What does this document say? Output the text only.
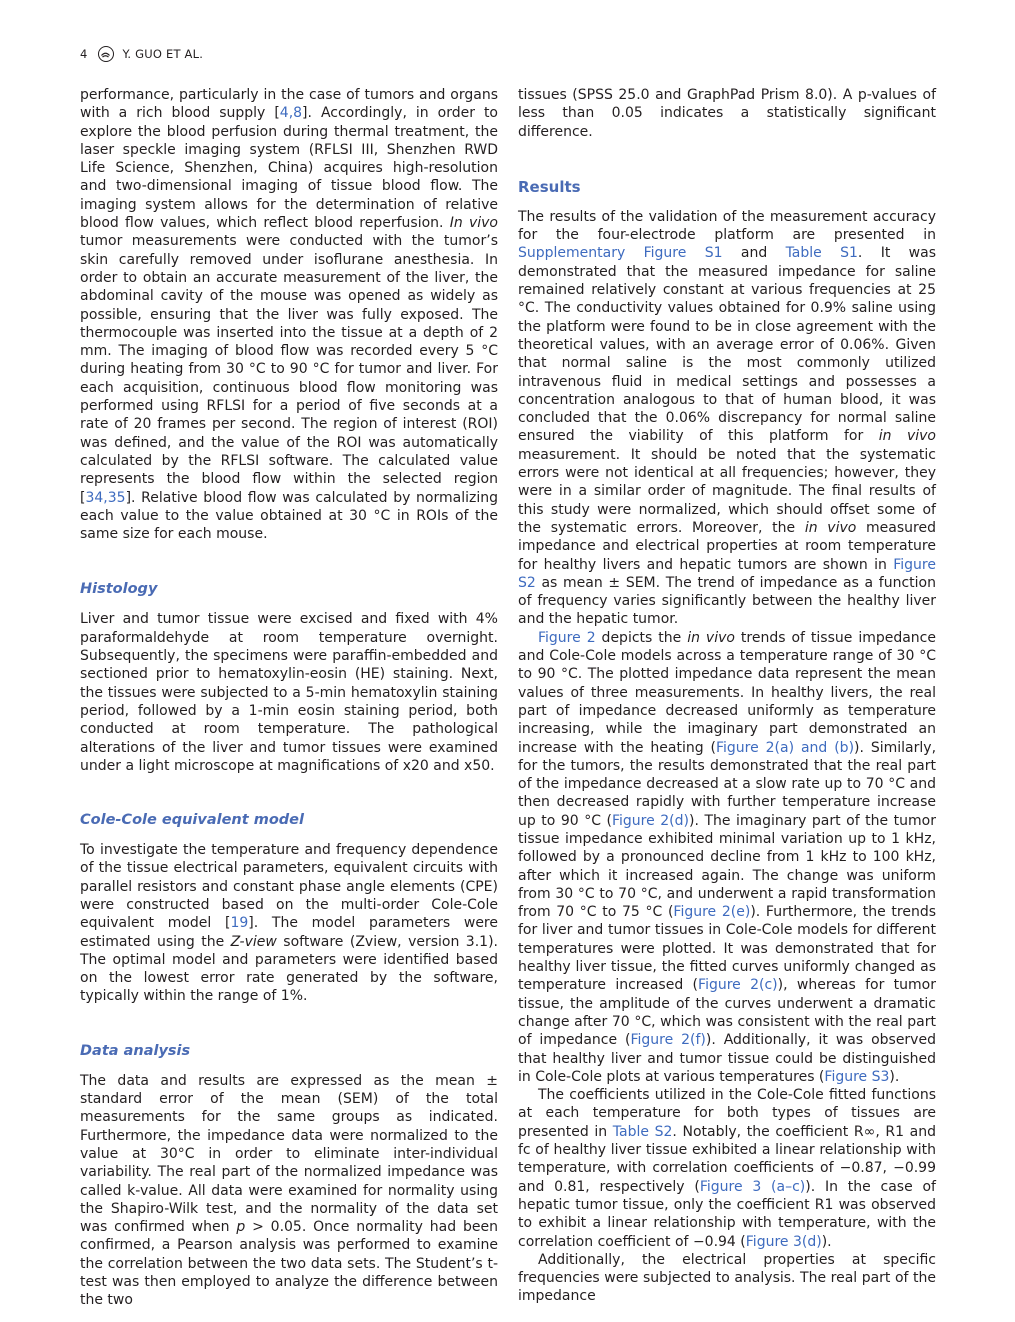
4	Y. GUO ET AL.

performance, particularly in the case of tumors and organs with a rich blood supply [4,8]. Accordingly, in order to explore the blood perfusion during thermal treatment, the laser speckle imaging system (RFLSI III, Shenzhen RWD Life Science, Shenzhen, China) acquires high-resolution and two-dimensional imaging of tissue blood flow. The imaging system allows for the determination of relative blood flow values, which reflect blood reperfusion. In vivo tumor measurements were conducted with the tumor’s skin carefully removed under isoflurane anesthesia. In order to obtain an accurate measurement of the liver, the abdominal cavity of the mouse was opened as widely as possible, ensuring that the liver was fully exposed. The thermocouple was inserted into the tissue at a depth of 2 mm. The imaging of blood flow was recorded every 5 °C during heating from 30 °C to 90 °C for tumor and liver. For each acquisition, continuous blood flow monitoring was performed using RFLSI for a period of five seconds at a rate of 20 frames per second. The region of interest (ROI) was defined, and the value of the ROI was automatically calculated by the RFLSI software. The calculated value represents the blood flow within the selected region [34,35]. Relative blood flow was calculated by normalizing each value to the value obtained at 30 °C in ROIs of the same size for each mouse.

Histology

Liver and tumor tissue were excised and fixed with 4% paraformaldehyde at room temperature overnight. Subsequently, the specimens were paraffin-embedded and sectioned prior to hematoxylin-eosin (HE) staining. Next, the tissues were subjected to a 5-min hematoxylin staining period, followed by a 1-min eosin staining period, both conducted at room temperature. The pathological alterations of the liver and tumor tissues were examined under a light microscope at magnifications of x20 and x50.

Cole-Cole equivalent model

To investigate the temperature and frequency dependence of the tissue electrical parameters, equivalent circuits with parallel resistors and constant phase angle elements (CPE) were constructed based on the multi-order Cole-Cole equivalent model [19]. The model parameters were estimated using the Z-view software (Zview, version 3.1). The optimal model and parameters were identified based on the lowest error rate generated by the software, typically within the range of 1%.

Data analysis

The data and results are expressed as the mean ± standard error of the mean (SEM) of the total measurements for the same groups as indicated. Furthermore, the impedance data were normalized to the value at 30°C in order to eliminate inter-individual variability. The real part of the normalized impedance was called k-value. All data were examined for normality using the Shapiro-Wilk test, and the normality of the data set was confirmed when p > 0.05. Once normality had been confirmed, a Pearson analysis was performed to examine the correlation between the two data sets. The Student’s t-test was then employed to analyze the difference between the two

tissues (SPSS 25.0 and GraphPad Prism 8.0). A p-values of less than 0.05 indicates a statistically significant difference.

Results

The results of the validation of the measurement accuracy for the four-electrode platform are presented in Supplementary Figure S1 and Table S1. It was demonstrated that the measured impedance for saline remained relatively constant at various frequencies at 25 °C. The conductivity values obtained for 0.9% saline using the platform were found to be in close agreement with the theoretical values, with an average error of 0.06%. Given that normal saline is the most commonly utilized intravenous fluid in medical settings and possesses a concentration analogous to that of human blood, it was concluded that the 0.06% discrepancy for normal saline ensured the viability of this platform for in vivo measurement. It should be noted that the systematic errors were not identical at all frequencies; however, they were in a similar order of magnitude. The final results of this study were normalized, which should offset some of the systematic errors. Moreover, the in vivo measured impedance and electrical properties at room temperature for healthy livers and hepatic tumors are shown in Figure S2 as mean ± SEM. The trend of impedance as a function of frequency varies significantly between the healthy liver and the hepatic tumor.

Figure 2 depicts the in vivo trends of tissue impedance and Cole-Cole models across a temperature range of 30 °C to 90 °C. The plotted impedance data represent the mean values of three measurements. In healthy livers, the real part of impedance decreased uniformly as temperature increasing, while the imaginary part demonstrated an increase with the heating (Figure 2(a) and (b)). Similarly, for the tumors, the results demonstrated that the real part of the impedance decreased at a slow rate up to 70 °C and then decreased rapidly with further temperature increase up to 90 °C (Figure 2(d)). The imaginary part of the tumor tissue impedance exhibited minimal variation up to 1 kHz, followed by a pronounced decline from 1 kHz to 100 kHz, after which it increased again. The change was uniform from 30 °C to 70 °C, and underwent a rapid transformation from 70 °C to 75 °C (Figure 2(e)). Furthermore, the trends for liver and tumor tissues in Cole-Cole models for different temperatures were plotted. It was demonstrated that for healthy liver tissue, the fitted curves uniformly changed as temperature increased (Figure 2(c)), whereas for tumor tissue, the amplitude of the curves underwent a dramatic change after 70 °C, which was consistent with the real part of impedance (Figure 2(f)). Additionally, it was observed that healthy liver and tumor tissue could be distinguished in Cole-Cole plots at various temperatures (Figure S3).

The coefficients utilized in the Cole-Cole fitted functions at each temperature for both types of tissues are presented in Table S2. Notably, the coefficient R∞, R1 and fc of healthy liver tissue exhibited a linear relationship with temperature, with correlation coefficients of −0.87, −0.99 and 0.81, respectively (Figure 3 (a–c)). In the case of hepatic tumor tissue, only the coefficient R1 was observed to exhibit a linear relationship with temperature, with the correlation coefficient of −0.94 (Figure 3(d)).

Additionally, the electrical properties at specific frequencies were subjected to analysis. The real part of the impedance
